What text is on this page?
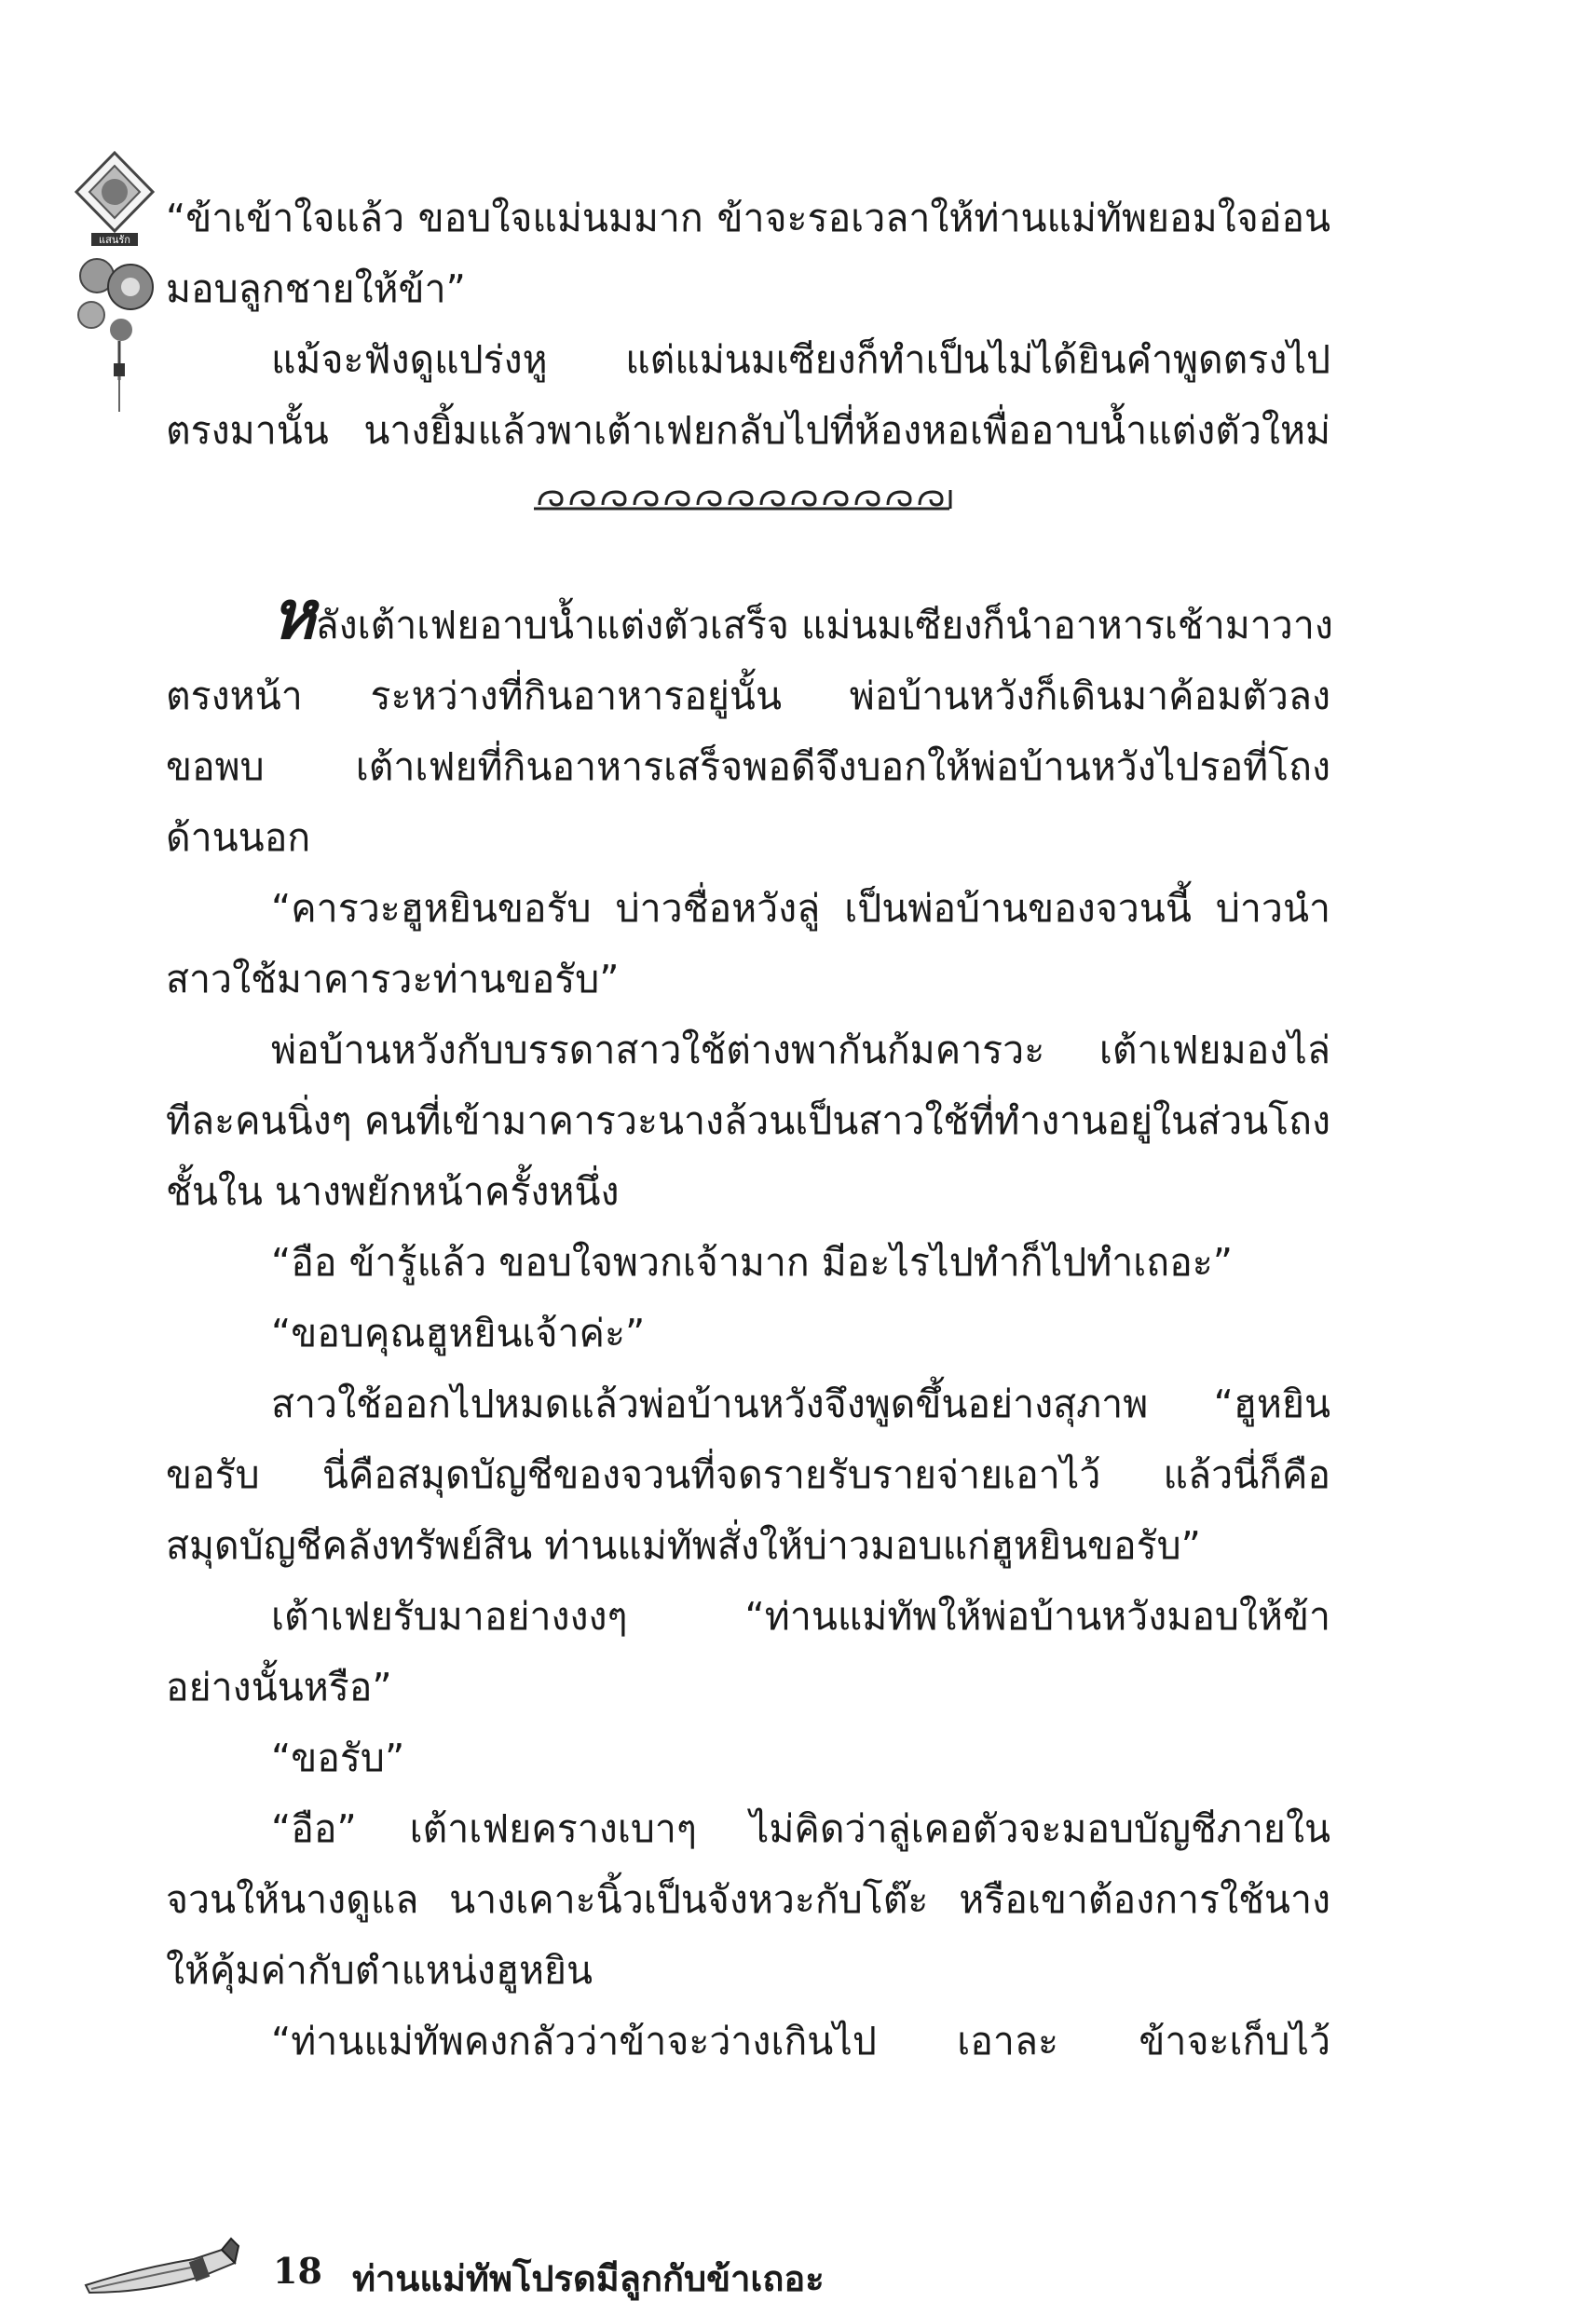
แสนรัก “ข้าเข้าใจแล้ว ขอบใจแม่นมมาก ข้าจะรอเวลาให้ท่านแม่ทัพยอมใจอ่อน

มอบลูกชายให้ข้า”

แม้จะฟังดูแปร่งหู แต่แม่นมเซียงก็ทำเป็นไม่ได้ยินคำพูดตรงไป

ตรงมานั้น นางยิ้มแล้วพาเต้าเฟยกลับไปที่ห้องหอเพื่ออาบน้ำแต่งตัวใหม่

หลังเต้าเฟยอาบน้ำแต่งตัวเสร็จ แม่นมเซียงก็นำอาหารเช้ามาวาง

ตรงหน้า ระหว่างที่กินอาหารอยู่นั้น พ่อบ้านหวังก็เดินมาค้อมตัวลง

ขอพบ เต้าเฟยที่กินอาหารเสร็จพอดีจึงบอกให้พ่อบ้านหวังไปรอที่โถง

ด้านนอก

“คารวะฮูหยินขอรับ บ่าวชื่อหวังลู่ เป็นพ่อบ้านของจวนนี้ บ่าวนำ

สาวใช้มาคารวะท่านขอรับ”

พ่อบ้านหวังกับบรรดาสาวใช้ต่างพากันก้มคารวะ เต้าเฟยมองไล่

ทีละคนนิ่งๆ คนที่เข้ามาคารวะนางล้วนเป็นสาวใช้ที่ทำงานอยู่ในส่วนโถง

ชั้นใน นางพยักหน้าครั้งหนึ่ง

“อือ ข้ารู้แล้ว ขอบใจพวกเจ้ามาก มีอะไรไปทำก็ไปทำเถอะ”

“ขอบคุณฮูหยินเจ้าค่ะ”

สาวใช้ออกไปหมดแล้วพ่อบ้านหวังจึงพูดขึ้นอย่างสุภาพ “ฮูหยิน

ขอรับ นี่คือสมุดบัญชีของจวนที่จดรายรับรายจ่ายเอาไว้ แล้วนี่ก็คือ

สมุดบัญชีคลังทรัพย์สิน ท่านแม่ทัพสั่งให้บ่าวมอบแก่ฮูหยินขอรับ”

เต้าเฟยรับมาอย่างงงๆ “ท่านแม่ทัพให้พ่อบ้านหวังมอบให้ข้า

อย่างนั้นหรือ”

“ขอรับ”

“อือ” เต้าเฟยครางเบาๆ ไม่คิดว่าลู่เคอตัวจะมอบบัญชีภายใน

จวนให้นางดูแล นางเคาะนิ้วเป็นจังหวะกับโต๊ะ หรือเขาต้องการใช้นาง

ให้คุ้มค่ากับตำแหน่งฮูหยิน

“ท่านแม่ทัพคงกลัวว่าข้าจะว่างเกินไป เอาละ ข้าจะเก็บไว้

18 ท่านแม่ทัพโปรดมีลูกกับข้าเถอะ
